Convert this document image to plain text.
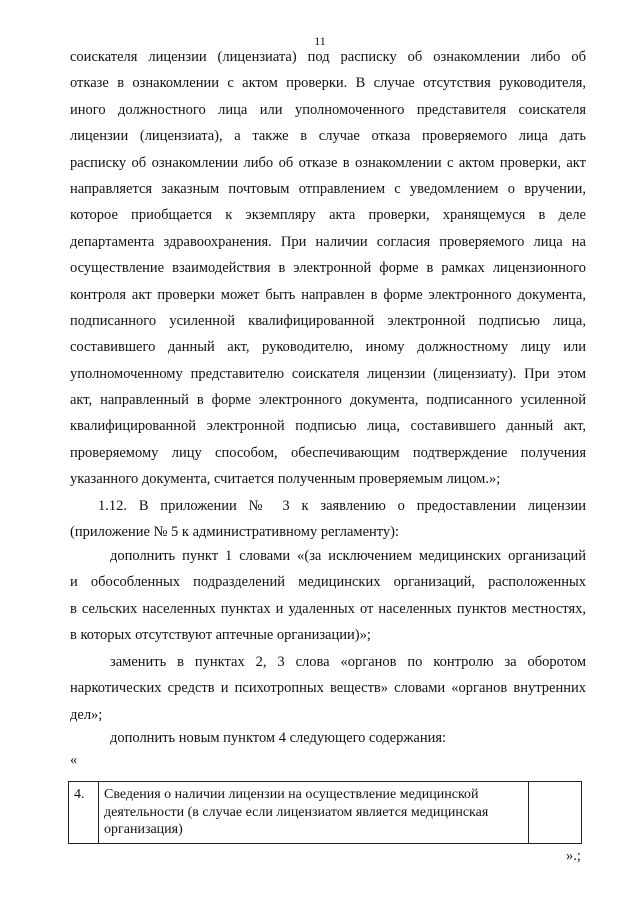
11
соискателя лицензии (лицензиата) под расписку об ознакомлении либо об
отказе в ознакомлении с актом проверки. В случае отсутствия руководителя,
иного должностного лица или уполномоченного представителя соискателя
лицензии (лицензиата), а также в случае отказа проверяемого лица дать
расписку об ознакомлении либо об отказе в ознакомлении с актом проверки, акт
направляется заказным почтовым отправлением с уведомлением о вручении,
которое приобщается к экземпляру акта проверки, хранящемуся в деле
департамента здравоохранения. При наличии согласия проверяемого лица на
осуществление взаимодействия в электронной форме в рамках лицензионного
контроля акт проверки может быть направлен в форме электронного документа,
подписанного усиленной квалифицированной электронной подписью лица,
составившего данный акт, руководителю, иному должностному лицу или
уполномоченному представителю соискателя лицензии (лицензиату). При этом
акт, направленный в форме электронного документа, подписанного усиленной
квалифицированной электронной подписью лица, составившего данный акт,
проверяемому лицу способом, обеспечивающим подтверждение получения
указанного документа, считается полученным проверяемым лицом.»;
1.12. В приложении № 3 к заявлению о предоставлении лицензии
(приложение № 5 к административному регламенту):
дополнить пункт 1 словами «(за исключением медицинских организаций
и обособленных подразделений медицинских организаций, расположенных
в сельских населенных пунктах и удаленных от населенных пунктов местностях,
в которых отсутствуют аптечные организации)»;
заменить в пунктах 2, 3 слова «органов по контролю за оборотом
наркотических средств и психотропных веществ» словами «органов внутренних
дел»;
дополнить новым пунктом 4 следующего содержания:
«
4.	Сведения о наличии лицензии на осуществление медицинской деятельности (в случае если лицензиатом является медицинская организация)	
».;
